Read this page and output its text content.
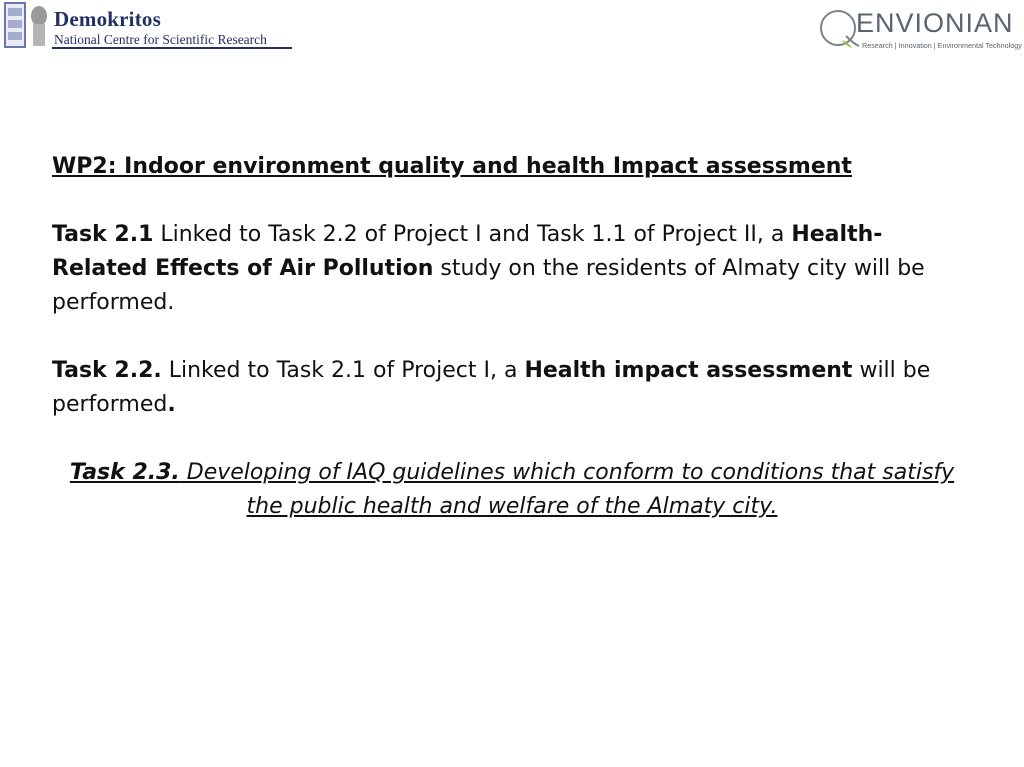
Demokritos
National Centre for Scientific Research
ENVIONIAN
Research | Innovation | Environmental Technology

WP2: Indoor environment quality and health Impact assessment

Task 2.1 Linked to Task 2.2 of Project I and Task 1.1 of Project II, a Health-Related Effects of Air Pollution study on the residents of Almaty city will be performed.

Task 2.2. Linked to Task 2.1 of Project I, a Health impact assessment will be performed.

Task 2.3. Developing of IAQ guidelines which conform to conditions that satisfy the public health and welfare of the Almaty city.
